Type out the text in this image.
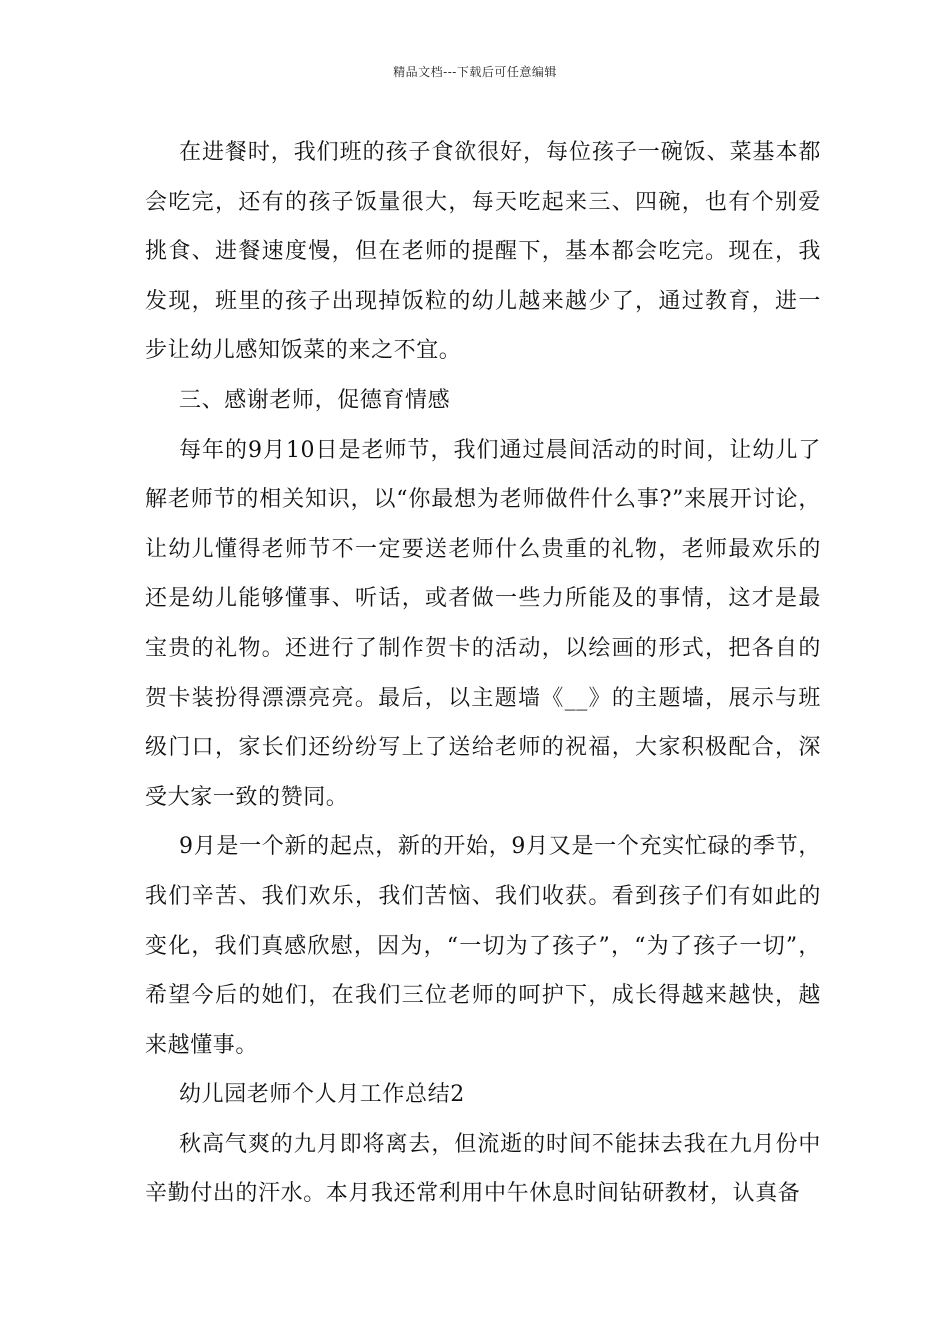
精品文档---下载后可任意编辑

在进餐时，我们班的孩子食欲很好，每位孩子一碗饭、菜基本都会吃完，还有的孩子饭量很大，每天吃起来三、四碗，也有个别爱挑食、进餐速度慢，但在老师的提醒下，基本都会吃完。现在，我发现，班里的孩子出现掉饭粒的幼儿越来越少了，通过教育，进一步让幼儿感知饭菜的来之不宜。

三、感谢老师，促德育情感

每年的9月10日是老师节，我们通过晨间活动的时间，让幼儿了解老师节的相关知识，以“你最想为老师做件什么事?”来展开讨论，让幼儿懂得老师节不一定要送老师什么贵重的礼物，老师最欢乐的还是幼儿能够懂事、听话，或者做一些力所能及的事情，这才是最宝贵的礼物。还进行了制作贺卡的活动，以绘画的形式，把各自的贺卡装扮得漂漂亮亮。最后，以主题墙《__》的主题墙，展示与班级门口，家长们还纷纷写上了送给老师的祝福，大家积极配合，深受大家一致的赞同。

9月是一个新的起点，新的开始，9月又是一个充实忙碌的季节，我们辛苦、我们欢乐，我们苦恼、我们收获。看到孩子们有如此的变化，我们真感欣慰，因为，“一切为了孩子”，“为了孩子一切”，希望今后的她们，在我们三位老师的呵护下，成长得越来越快，越来越懂事。

幼儿园老师个人月工作总结2

秋高气爽的九月即将离去，但流逝的时间不能抹去我在九月份中辛勤付出的汗水。本月我还常利用中午休息时间钻研教材，认真备
